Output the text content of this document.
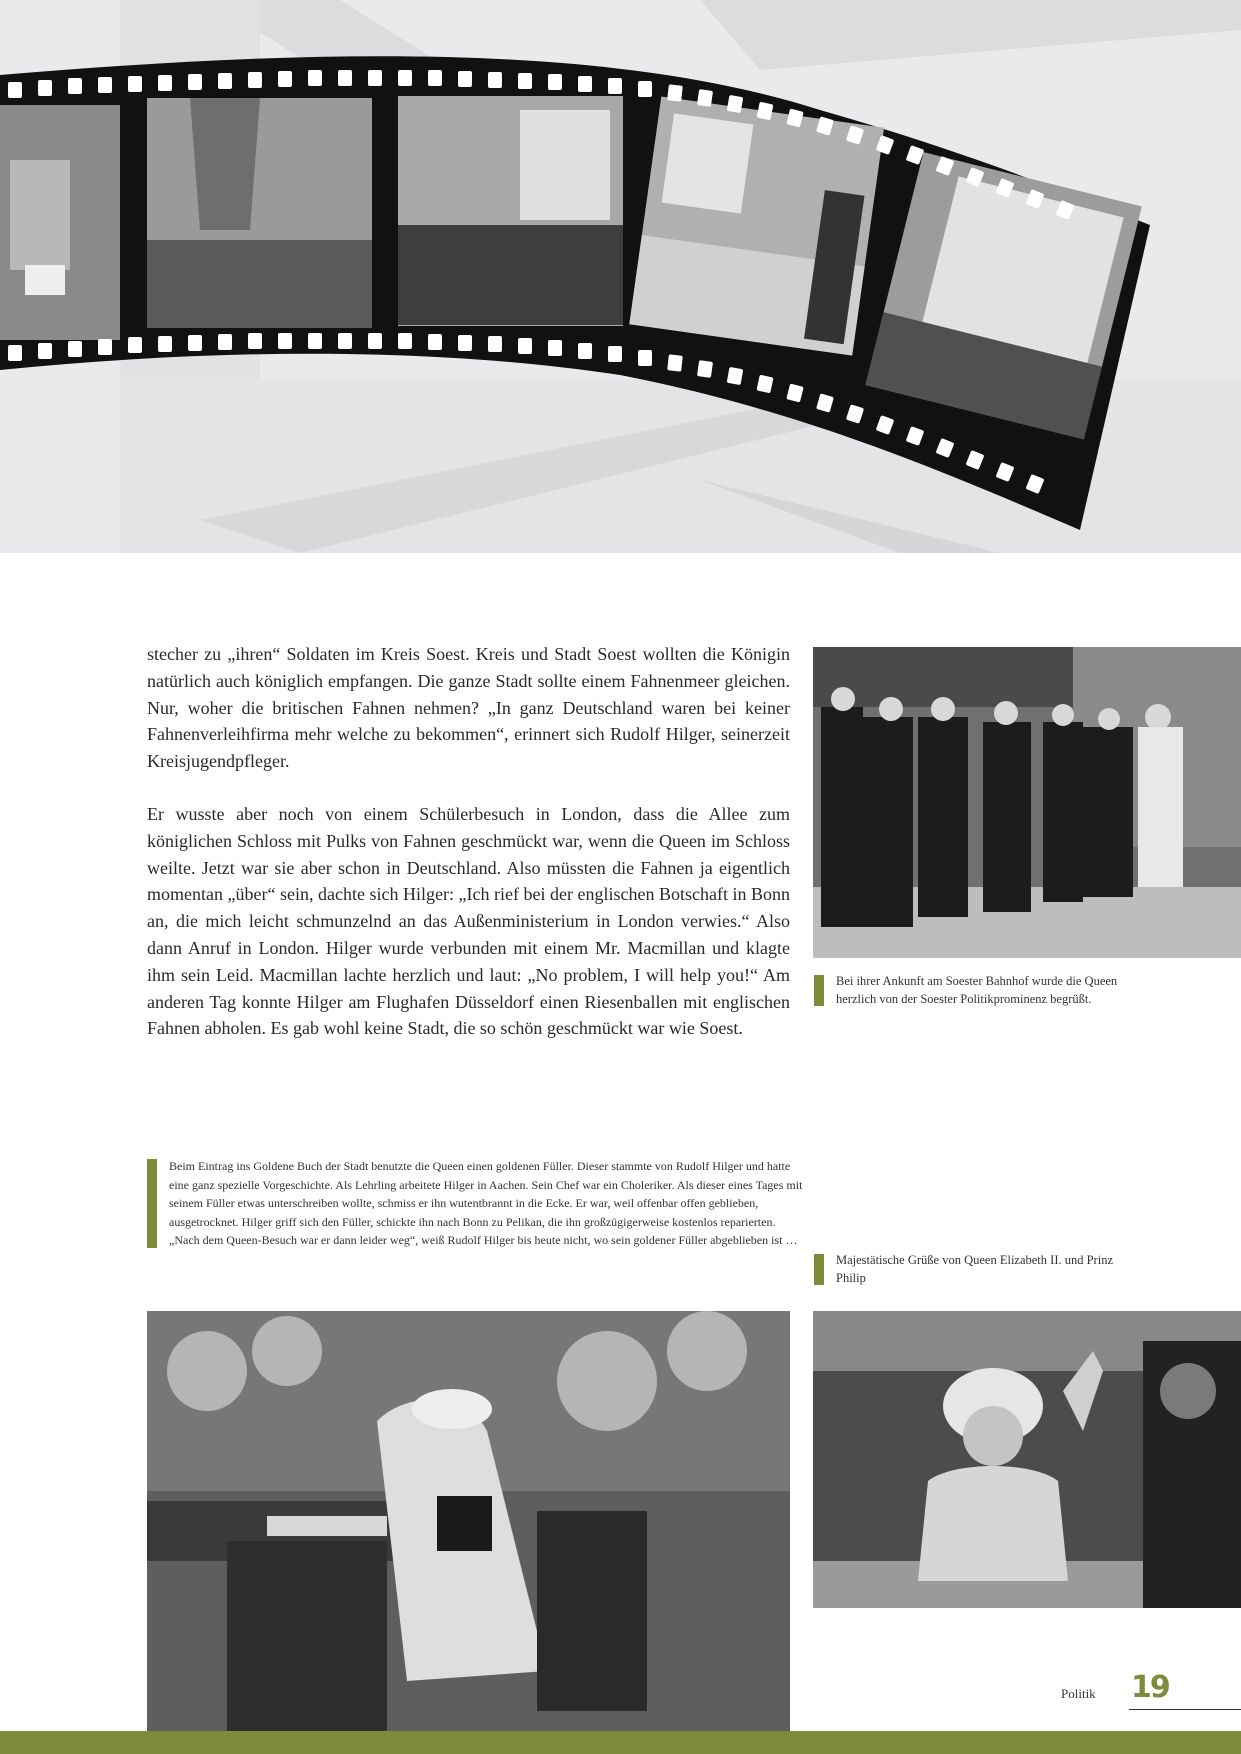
stecher zu „ihren“ Soldaten im Kreis Soest. Kreis und Stadt Soest wollten die Königin natürlich auch königlich empfangen. Die ganze Stadt sollte einem Fahnenmeer gleichen. Nur, woher die britischen Fahnen nehmen? „In ganz Deutschland waren bei keiner Fahnenverleihfirma mehr welche zu bekommen“, erinnert sich Rudolf Hilger, seinerzeit Kreisjugendpfleger.

Er wusste aber noch von einem Schülerbesuch in London, dass die Allee zum königlichen Schloss mit Pulks von Fahnen geschmückt war, wenn die Queen im Schloss weilte. Jetzt war sie aber schon in Deutschland. Also müssten die Fahnen ja eigentlich momentan „über“ sein, dachte sich Hilger: „Ich rief bei der englischen Botschaft in Bonn an, die mich leicht schmunzelnd an das Außenministerium in London verwies.“ Also dann Anruf in London. Hilger wurde verbunden mit einem Mr. Macmillan und klagte ihm sein Leid. Macmillan lachte herzlich und laut: „No problem, I will help you!“ Am anderen Tag konnte Hilger am Flughafen Düsseldorf einen Riesenballen mit englischen Fahnen abholen. Es gab wohl keine Stadt, die so schön geschmückt war wie Soest.

Bei ihrer Ankunft am Soester Bahnhof wurde die Queen herzlich von der Soester Politikprominenz begrüßt.
Beim Eintrag ins Goldene Buch der Stadt benutzte die Queen einen goldenen Füller. Dieser stammte von Rudolf Hilger und hatte eine ganz spezielle Vorgeschichte. Als Lehrling arbeitete Hilger in Aachen. Sein Chef war ein Choleriker. Als dieser eines Tages mit seinem Füller etwas unterschreiben wollte, schmiss er ihn wutentbrannt in die Ecke. Er war, weil offenbar offen geblieben, ausgetrocknet. Hilger griff sich den Füller, schickte ihn nach Bonn zu Pelikan, die ihn großzügigerweise kostenlos reparierten. „Nach dem Queen-Besuch war er dann leider weg“, weiß Rudolf Hilger bis heute nicht, wo sein goldener Füller abgeblieben ist …
Majestätische Grüße von Queen Elizabeth II. und Prinz Philip
Politik 19
